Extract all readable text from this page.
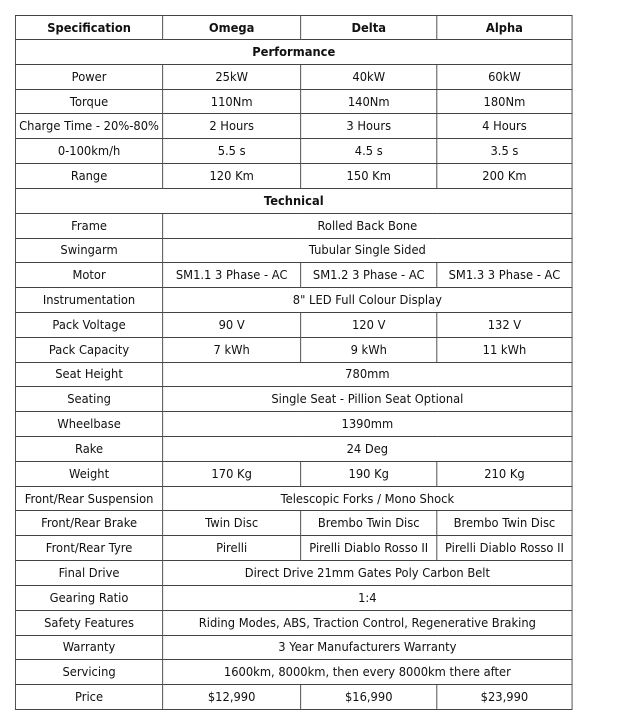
Specification	Omega	Delta	Alpha
Performance			
Power	25kW	40kW	60kW
Torque	110Nm	140Nm	180Nm
Charge Time - 20%-80%	2 Hours	3 Hours	4 Hours
0-100km/h	5.5 s	4.5 s	3.5 s
Range	120 Km	150 Km	200 Km
Technical			
Frame	Rolled Back Bone		
Swingarm	Tubular Single Sided		
Motor	SM1.1 3 Phase - AC	SM1.2 3 Phase - AC	SM1.3 3 Phase - AC
Instrumentation	8" LED Full Colour Display		
Pack Voltage	90 V	120 V	132 V
Pack Capacity	7 kWh	9 kWh	11 kWh
Seat Height	780mm		
Seating	Single Seat - Pillion Seat Optional		
Wheelbase	1390mm		
Rake	24 Deg		
Weight	170 Kg	190 Kg	210 Kg
Front/Rear Suspension	Telescopic Forks / Mono Shock		
Front/Rear Brake	Twin Disc	Brembo Twin Disc	Brembo Twin Disc
Front/Rear Tyre	Pirelli	Pirelli Diablo Rosso II	Pirelli Diablo Rosso II
Final Drive	Direct Drive 21mm Gates Poly Carbon Belt		
Gearing Ratio	1:4		
Safety Features	Riding Modes, ABS, Traction Control, Regenerative Braking		
Warranty	3 Year Manufacturers Warranty		
Servicing	1600km, 8000km, then every 8000km there after		
Price	$12,990	$16,990	$23,990
